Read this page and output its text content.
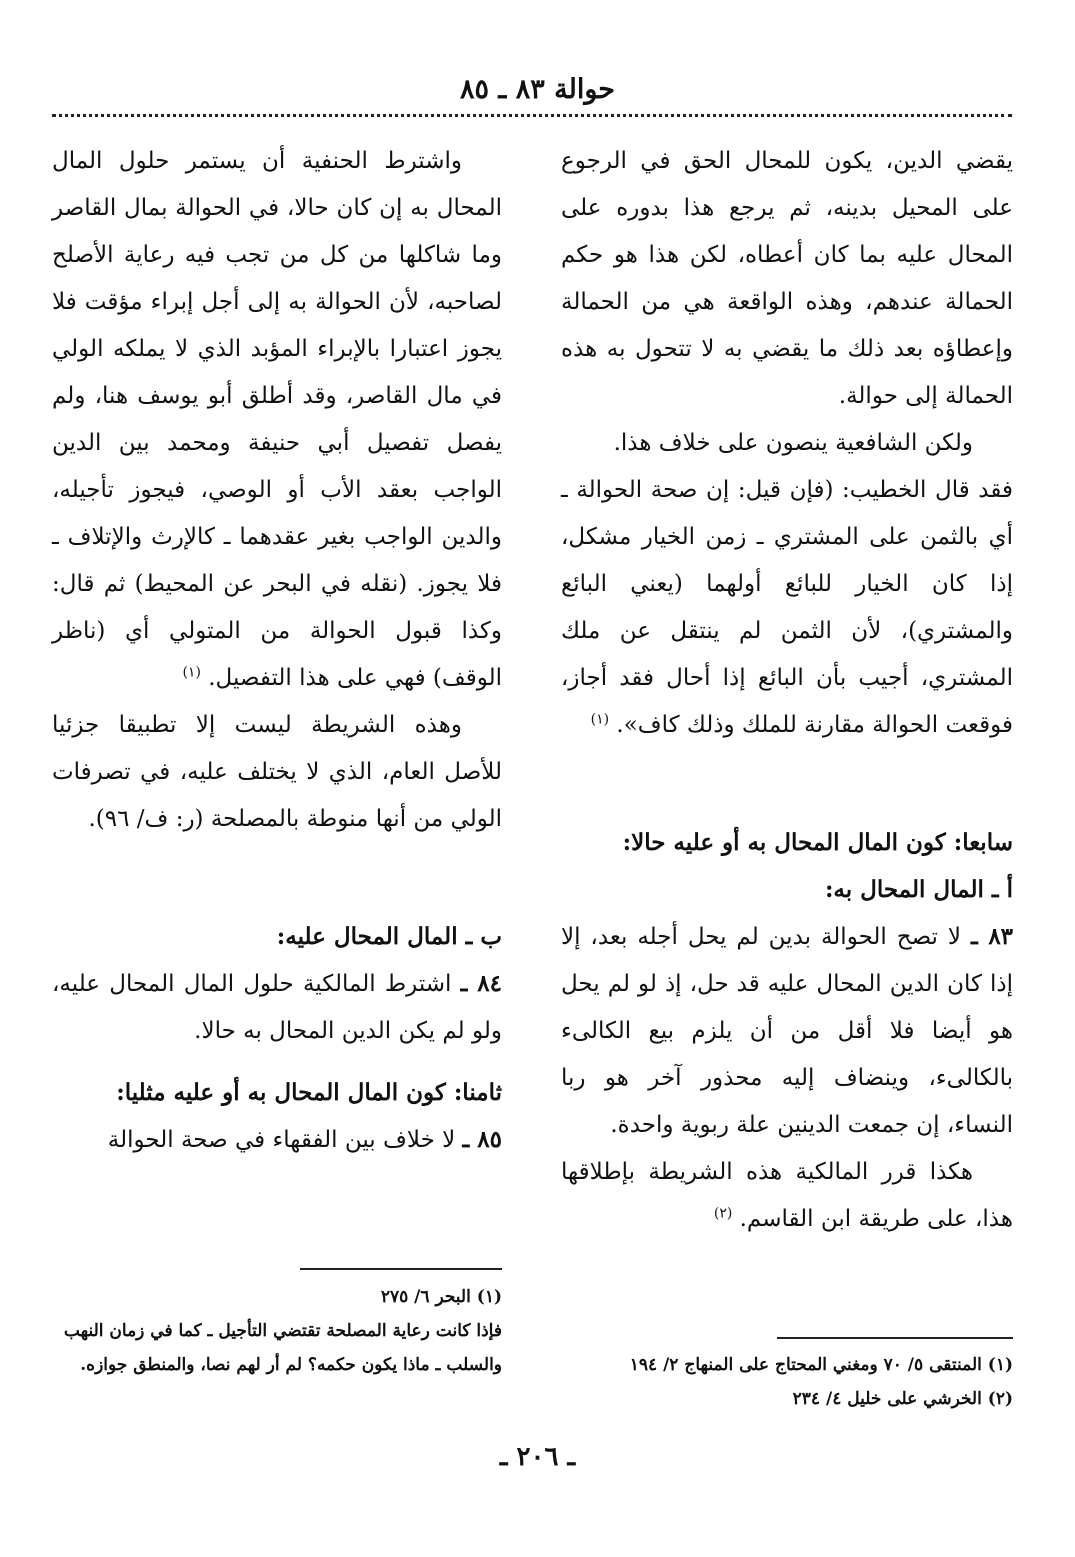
حوالة ٨٣ ـ ٨٥

يقضي الدين، يكون للمحال الحق في الرجوع على المحيل بدينه، ثم يرجع هذا بدوره على المحال عليه بما كان أعطاه، لكن هذا هو حكم الحمالة عندهم، وهذه الواقعة هي من الحمالة وإعطاؤه بعد ذلك ما يقضي به لا تتحول به هذه الحمالة إلى حوالة.

ولكن الشافعية ينصون على خلاف هذا.

فقد قال الخطيب: (فإن قيل: إن صحة الحوالة ـ أي بالثمن على المشتري ـ زمن الخيار مشكل، إذا كان الخيار للبائع أولهما (يعني البائع والمشتري)، لأن الثمن لم ينتقل عن ملك المشتري، أجيب بأن البائع إذا أحال فقد أجاز، فوقعت الحوالة مقارنة للملك وذلك كاف». $^{(١)}$

سابعا: كون المال المحال به أو عليه حالا:

أ ـ المال المحال به:

٨٣ ـ لا تصح الحوالة بدين لم يحل أجله بعد، إلا إذا كان الدين المحال عليه قد حل، إذ لو لم يحل هو أيضا فلا أقل من أن يلزم بيع الكالىء بالكالىء، وينضاف إليه محذور آخر هو ربا النساء، إن جمعت الدينين علة ربوية واحدة.

هكذا قرر المالكية هذه الشريطة بإطلاقها هذا، على طريقة ابن القاسم. $^{(٢)}$

(١) المنتقى ٥/ ٧٠ ومغني المحتاج على المنهاج ٢/ ١٩٤

(٢) الخرشي على خليل ٤/ ٢٣٤

واشترط الحنفية أن يستمر حلول المال المحال به إن كان حالا، في الحوالة بمال القاصر وما شاكلها من كل من تجب فيه رعاية الأصلح لصاحبه، لأن الحوالة به إلى أجل إبراء مؤقت فلا يجوز اعتبارا بالإبراء المؤبد الذي لا يملكه الولي في مال القاصر، وقد أطلق أبو يوسف هنا، ولم يفصل تفصيل أبي حنيفة ومحمد بين الدين الواجب بعقد الأب أو الوصي، فيجوز تأجيله، والدين الواجب بغير عقدهما ـ كالإرث والإتلاف ـ فلا يجوز. (نقله في البحر عن المحيط) ثم قال: وكذا قبول الحوالة من المتولي أي (ناظر الوقف) فهي على هذا التفصيل. $^{(١)}$

وهذه الشريطة ليست إلا تطبيقا جزئيا للأصل العام، الذي لا يختلف عليه، في تصرفات الولي من أنها منوطة بالمصلحة (ر: ف/ ٩٦).

ب ـ المال المحال عليه:

٨٤ ـ اشترط المالكية حلول المال المحال عليه، ولو لم يكن الدين المحال به حالا.

ثامنا: كون المال المحال به أو عليه مثليا:

٨٥ ـ لا خلاف بين الفقهاء في صحة الحوالة

(١) البحر ٦/ ٢٧٥

فإذا كانت رعاية المصلحة تقتضي التأجيل ـ كما في زمان النهب والسلب ـ ماذا يكون حكمه؟ لم أر لهم نصا، والمنطق جوازه.

ـ ٢٠٦ ـ
